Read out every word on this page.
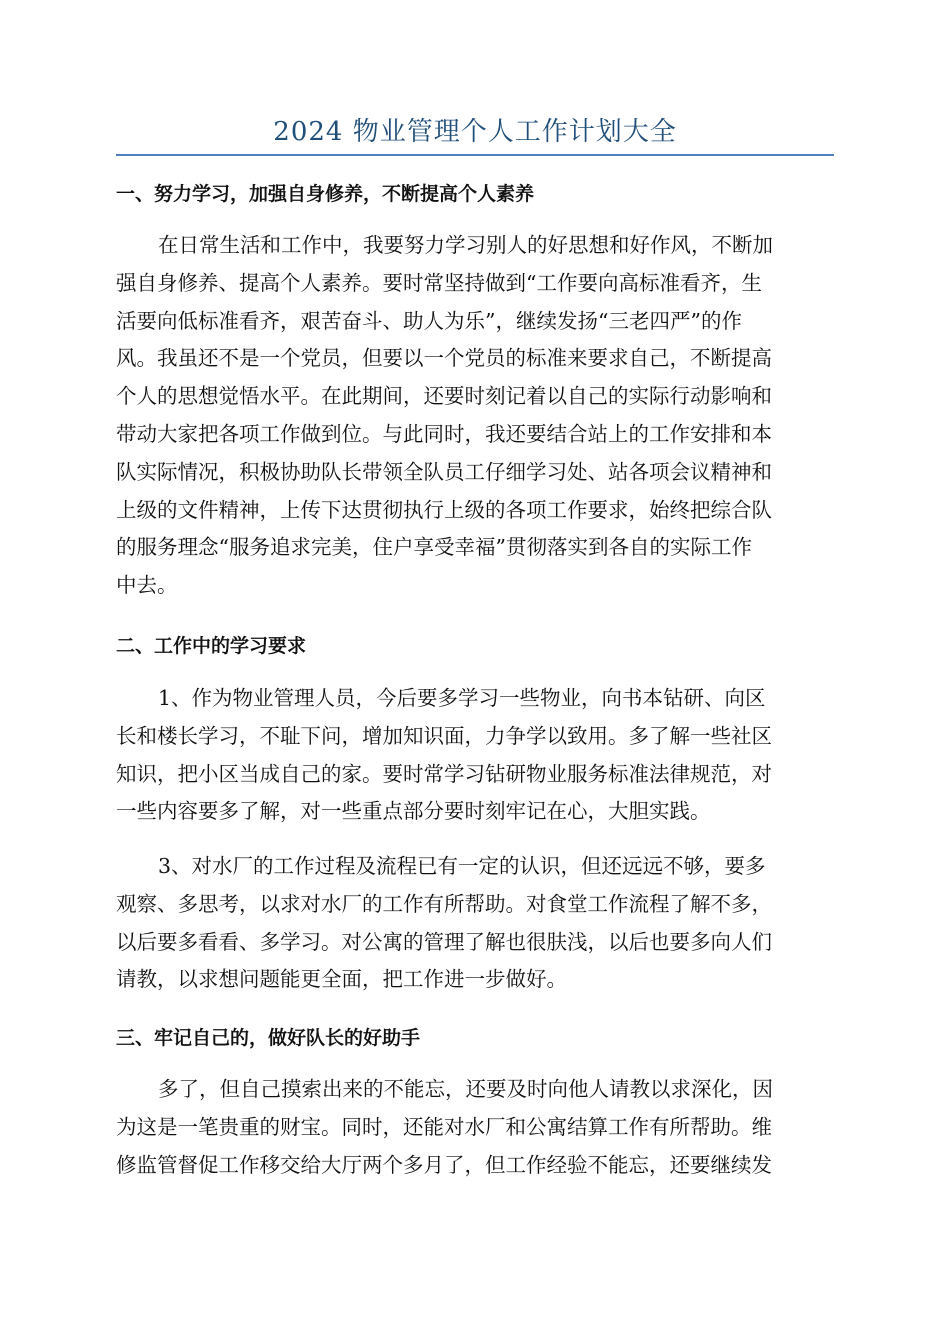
2024 物业管理个人工作计划大全
一、努力学习，加强自身修养，不断提高个人素养
在日常生活和工作中，我要努力学习别人的好思想和好作风，不断加
强自身修养、提高个人素养。要时常坚持做到“工作要向高标准看齐，生
活要向低标准看齐，艰苦奋斗、助人为乐”，继续发扬“三老四严”的作
风。我虽还不是一个党员，但要以一个党员的标准来要求自己，不断提高
个人的思想觉悟水平。在此期间，还要时刻记着以自己的实际行动影响和
带动大家把各项工作做到位。与此同时，我还要结合站上的工作安排和本
队实际情况，积极协助队长带领全队员工仔细学习处、站各项会议精神和
上级的文件精神，上传下达贯彻执行上级的各项工作要求，始终把综合队
的服务理念“服务追求完美，住户享受幸福”贯彻落实到各自的实际工作
中去。
二、工作中的学习要求
1、作为物业管理人员，今后要多学习一些物业，向书本钻研、向区
长和楼长学习，不耻下问，增加知识面，力争学以致用。多了解一些社区
知识，把小区当成自己的家。要时常学习钻研物业服务标准法律规范，对
一些内容要多了解，对一些重点部分要时刻牢记在心，大胆实践。
3、对水厂的工作过程及流程已有一定的认识，但还远远不够，要多
观察、多思考，以求对水厂的工作有所帮助。对食堂工作流程了解不多，
以后要多看看、多学习。对公寓的管理了解也很肤浅，以后也要多向人们
请教，以求想问题能更全面，把工作进一步做好。
三、牢记自己的，做好队长的好助手
多了，但自己摸索出来的不能忘，还要及时向他人请教以求深化，因
为这是一笔贵重的财宝。同时，还能对水厂和公寓结算工作有所帮助。维
修监管督促工作移交给大厅两个多月了，但工作经验不能忘，还要继续发
